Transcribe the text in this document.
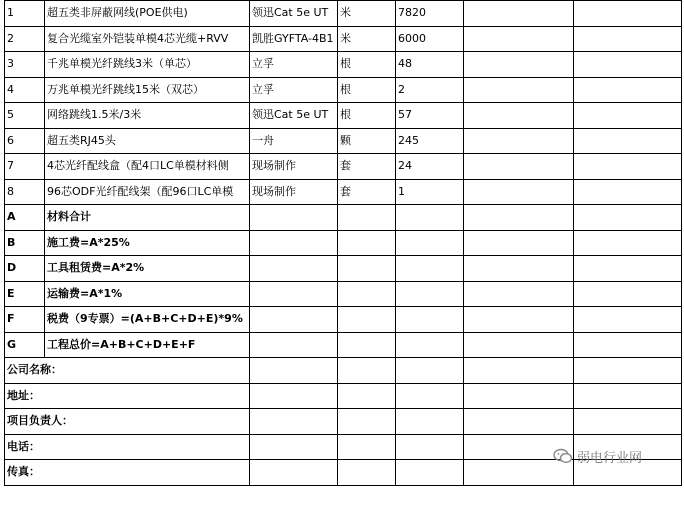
1	超五类非屏蔽网线(POE供电)	领迅Cat 5e UT	米	7820		
2	复合光缆室外铠装单模4芯光缆+RVV	凯胜GYFTA-4B1	米	6000		
3	千兆单模光纤跳线3米（单芯）	立孚	根	48		
4	万兆单模光纤跳线15米（双芯）	立孚	根	2		
5	网络跳线1.5米/3米	领迅Cat 5e UT	根	57		
6	超五类RJ45头	一舟	颗	245		
7	4芯光纤配线盒（配4口LC单模材料侧	现场制作	套	24		
8	96芯ODF光纤配线架（配96口LC单模	现场制作	套	1		
A	材料合计					
B	施工费=A*25%					
D	工具租赁费=A*2%					
E	运输费=A*1%					
F	税费（9专票）=(A+B+C+D+E)*9%					
G	工程总价=A+B+C+D+E+F					
公司名称：						
地址：						
项目负责人：						
电话：						
传真：						
弱电行业网
